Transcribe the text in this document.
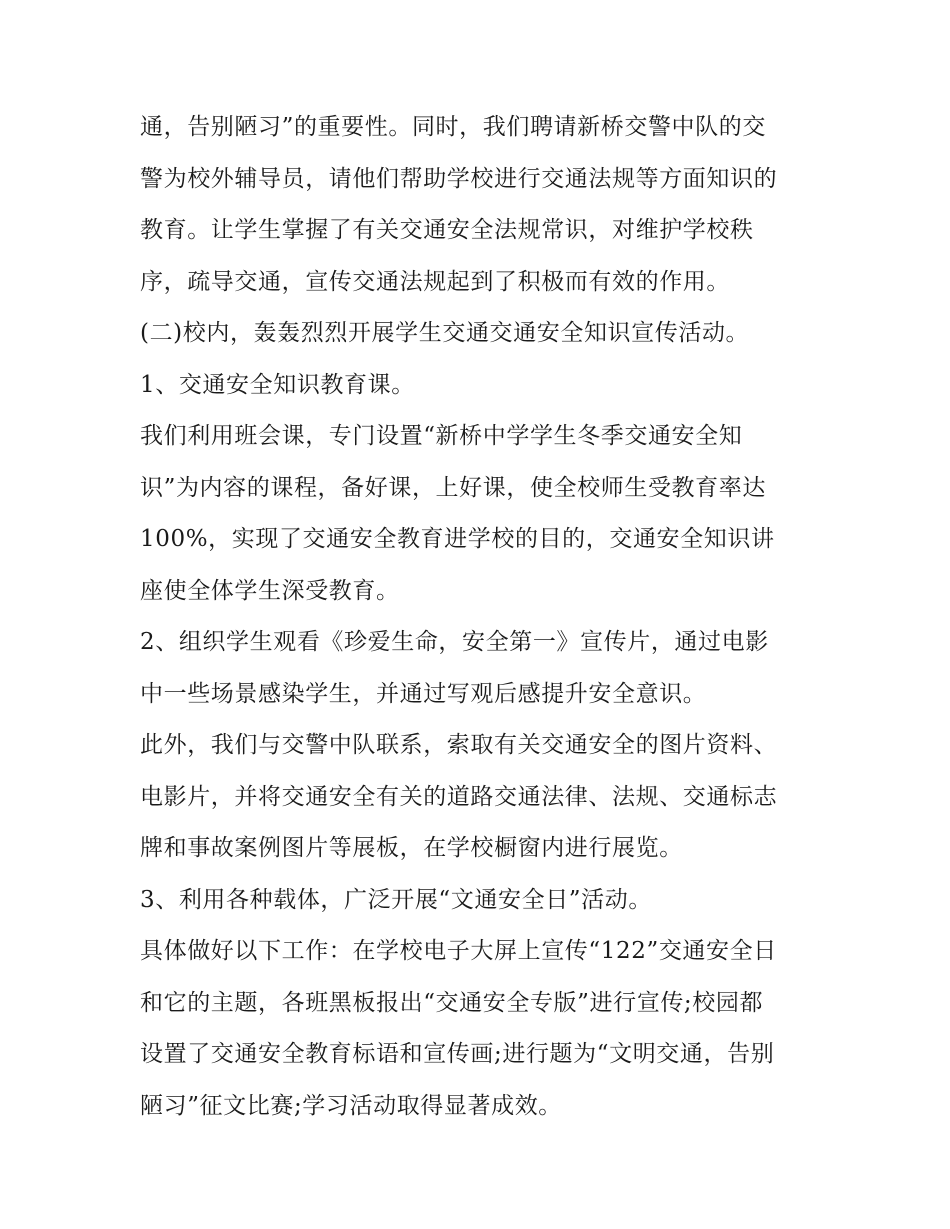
通，告别陋习”的重要性。同时，我们聘请新桥交警中队的交
警为校外辅导员，请他们帮助学校进行交通法规等方面知识的
教育。让学生掌握了有关交通安全法规常识，对维护学校秩
序，疏导交通，宣传交通法规起到了积极而有效的作用。
(二)校内，轰轰烈烈开展学生交通交通安全知识宣传活动。
1、交通安全知识教育课。
我们利用班会课，专门设置“新桥中学学生冬季交通安全知
识”为内容的课程，备好课，上好课，使全校师生受教育率达
100%，实现了交通安全教育进学校的目的，交通安全知识讲
座使全体学生深受教育。
2、组织学生观看《珍爱生命，安全第一》宣传片，通过电影
中一些场景感染学生，并通过写观后感提升安全意识。
此外，我们与交警中队联系，索取有关交通安全的图片资料、
电影片，并将交通安全有关的道路交通法律、法规、交通标志
牌和事故案例图片等展板，在学校橱窗内进行展览。
3、利用各种载体，广泛开展“文通安全日”活动。
具体做好以下工作：在学校电子大屏上宣传“122”交通安全日
和它的主题，各班黑板报出“交通安全专版”进行宣传;校园都
设置了交通安全教育标语和宣传画;进行题为“文明交通，告别
陋习”征文比赛;学习活动取得显著成效。
